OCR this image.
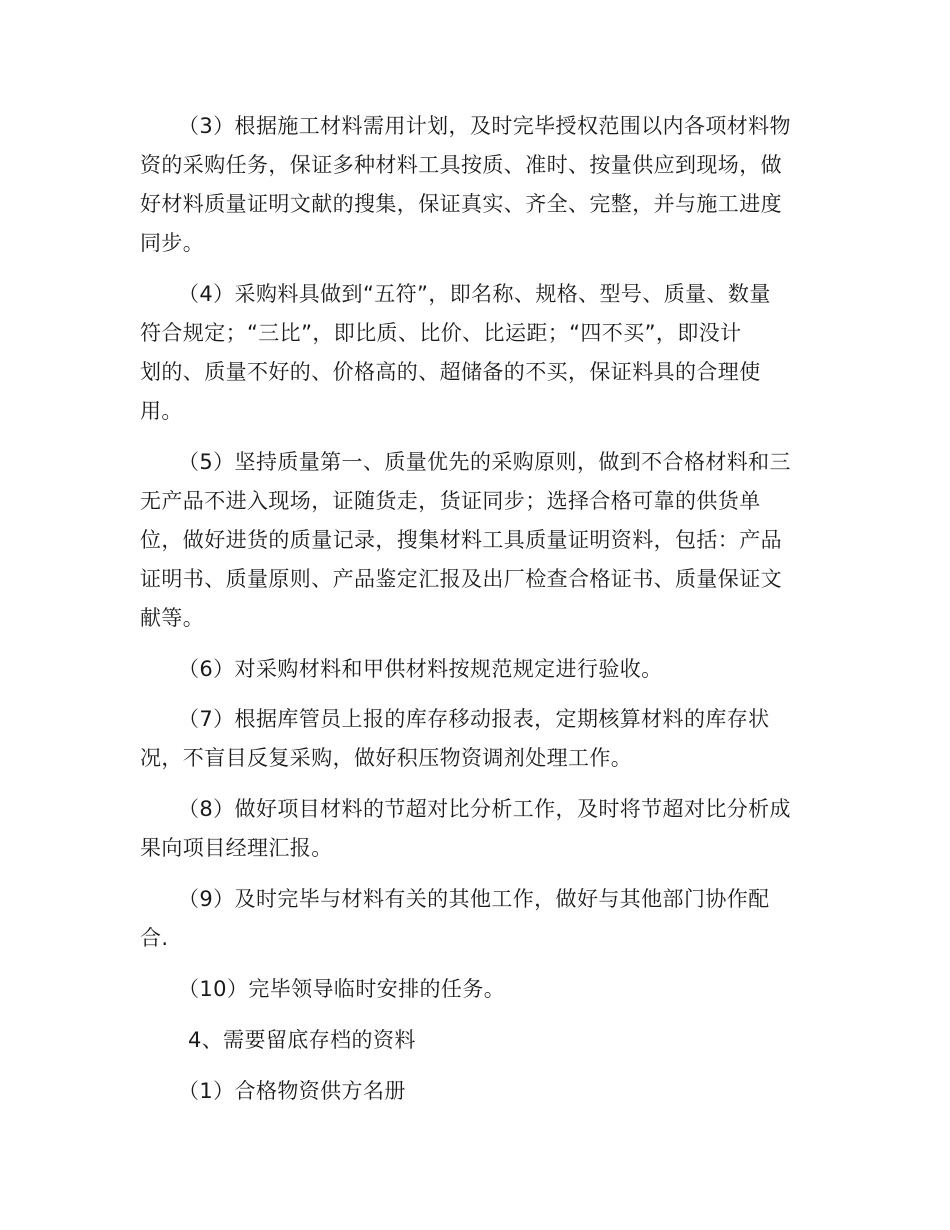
（3）根据施工材料需用计划，及时完毕授权范围以内各项材料物
资的采购任务，保证多种材料工具按质、准时、按量供应到现场，做
好材料质量证明文献的搜集，保证真实、齐全、完整，并与施工进度
同步。
（4）采购料具做到“五符”，即名称、规格、型号、质量、数量
符合规定；“三比”，即比质、比价、比运距；“四不买”，即没计
划的、质量不好的、价格高的、超储备的不买，保证料具的合理使
用。
（5）坚持质量第一、质量优先的采购原则，做到不合格材料和三
无产品不进入现场，证随货走，货证同步；选择合格可靠的供货单
位，做好进货的质量记录，搜集材料工具质量证明资料，包括：产品
证明书、质量原则、产品鉴定汇报及出厂检查合格证书、质量保证文
献等。
（6）对采购材料和甲供材料按规范规定进行验收。
（7）根据库管员上报的库存移动报表，定期核算材料的库存状
况，不盲目反复采购，做好积压物资调剂处理工作。
（8）做好项目材料的节超对比分析工作，及时将节超对比分析成
果向项目经理汇报。
（9）及时完毕与材料有关的其他工作，做好与其他部门协作配
合.
（10）完毕领导临时安排的任务。
4、需要留底存档的资料
（1）合格物资供方名册
